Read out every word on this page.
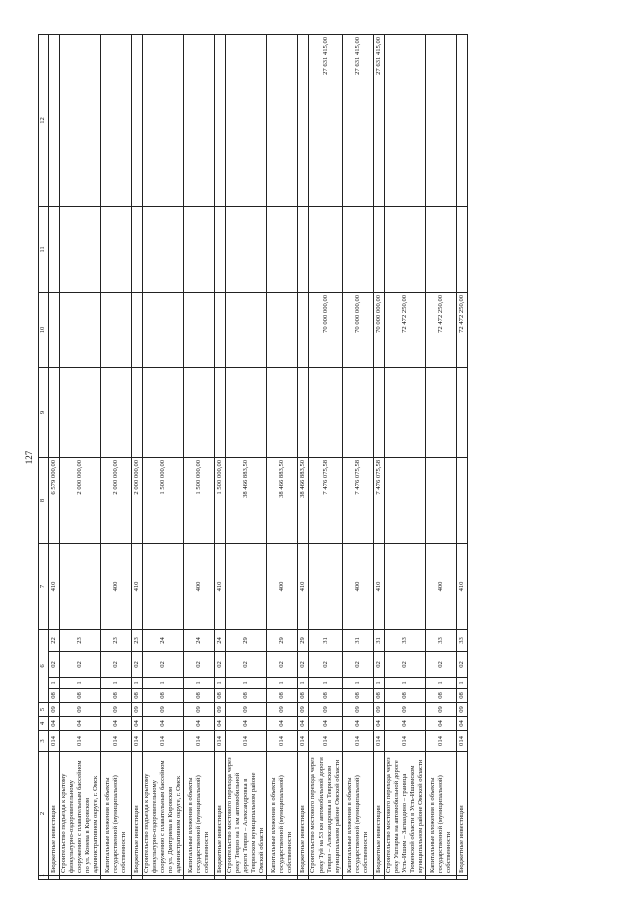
127
1	2	3	4	5	6				7	8	9	10	11	12
	Бюджетные инвестиции	014	04	09	08	1	02	22	410	6 579 000,00				
	Строительство подъезда к крытому физкультурно-оздоровительному сооружению с плавательным бассейном по ул. Конева в Кировском административном округе, г. Омск	014	04	09	08	1	02	23		2 000 000,00				
	Капитальные вложения в объекты государственной (муниципальной) собственности	014	04	09	08	1	02	23	400	2 000 000,00				
	Бюджетные инвестиции	014	04	09	08	1	02	23	410	2 000 000,00				
	Строительство подъезда к крытому физкультурно-оздоровительному сооружению с плавательным бассейном по ул. Дмитриева в Кировском административном округе, г. Омск	014	04	09	08	1	02	24		1 500 000,00				
	Капитальные вложения в объекты государственной (муниципальной) собственности	014	04	09	08	1	02	24	400	1 500 000,00				
	Бюджетные инвестиции	014	04	09	08	1	02	24	410	1 500 000,00				
	Строительство мостового перехода через реку Тевриз на 1 км автомобильной дороги Тевриз – Александровка в Тевризском муниципальном районе Омской области	014	04	09	08	1	02	29		38 466 883,50				
	Капитальные вложения в объекты государственной (муниципальной) собственности	014	04	09	08	1	02	29	400	38 466 883,50				
	Бюджетные инвестиции	014	04	09	08	1	02	29	410	38 466 883,50				
	Строительство мостового перехода через реку Туй на 53 км автомобильной дороги Тевриз – Александровка в Тевризском муниципальном районе Омской области	014	04	09	08	1	02	31		7 476 075,58		70 000 000,00		27 631 415,00
	Капитальные вложения в объекты государственной (муниципальной) собственности	014	04	09	08	1	02	31	400	7 476 075,58		70 000 000,00		27 631 415,00
	Бюджетные инвестиции	014	04	09	08	1	02	31	410	7 476 075,58		70 000 000,00		27 631 415,00
	Строительство мостового перехода через реку Уштарма на автомобильной дороге Усть-Ишим – Загваздино – граница Тюменской области в Усть-Ишимском муниципальном районе Омской области	014	04	09	08	1	02	33				72 472 250,00		
	Капитальные вложения в объекты государственной (муниципальной) собственности	014	04	09	08	1	02	33	400			72 472 250,00		
	Бюджетные инвестиции	014	04	09	08	1	02	33	410			72 472 250,00		
